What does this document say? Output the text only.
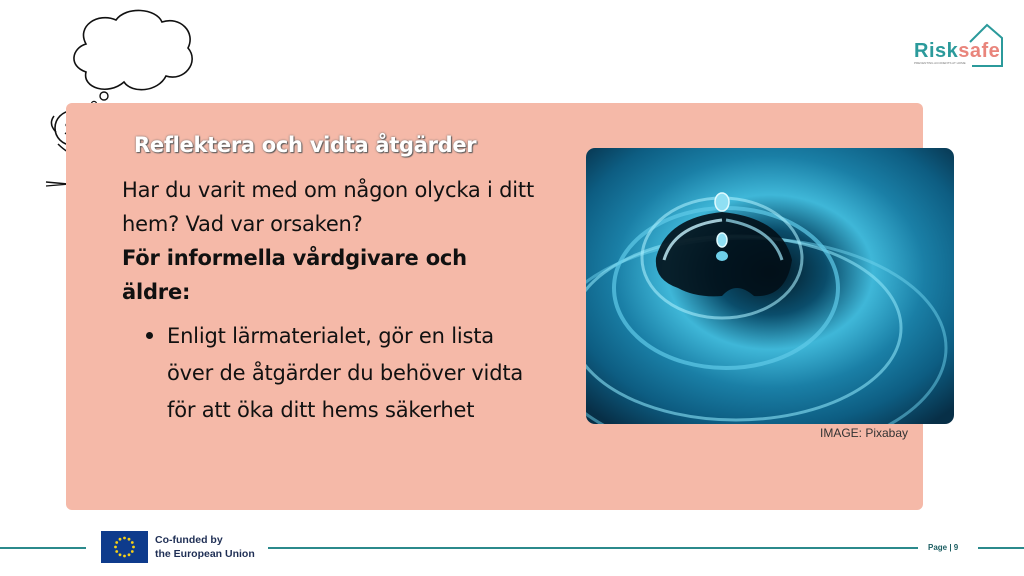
Risksafe
PREVENTING ACCIDENTS AT HOME
Reflektera och vidta åtgärder
Har du varit med om någon olycka i ditt hem? Vad var orsaken?
För informella vårdgivare och äldre:
Enligt lärmaterialet, gör en lista över de åtgärder du behöver vidta för att öka ditt hems säkerhet
IMAGE: Pixabay
Co-funded by
the European Union
Page | 9
